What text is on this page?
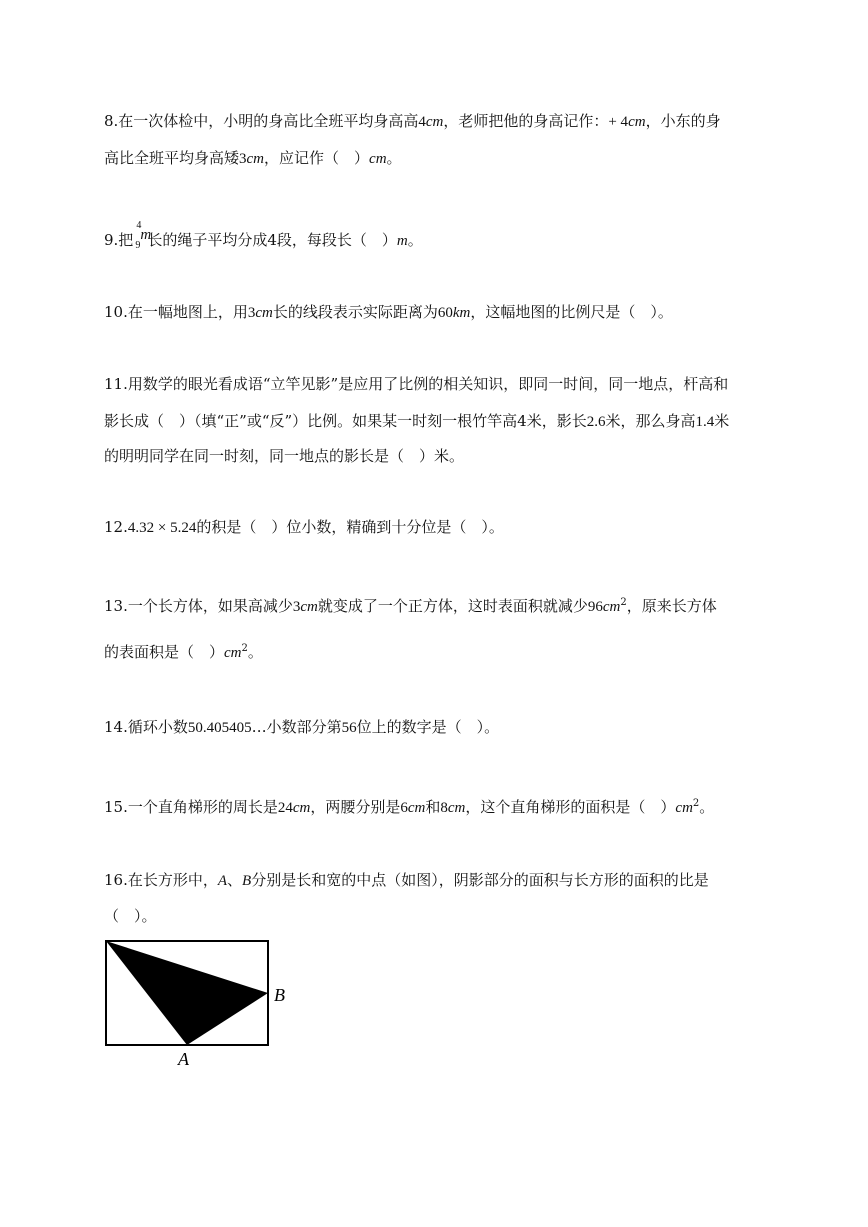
8.在一次体检中，小明的身高比全班平均身高高4cm，老师把他的身高记作：+ 4cm，小东的身
高比全班平均身高矮3cm，应记作（　）cm。
9.把
4
9
m
长的绳子平均分成4段，每段长（　）m。
10.在一幅地图上，用3cm长的线段表示实际距离为60km，这幅地图的比例尺是（　）。
11.用数学的眼光看成语“立竿见影”是应用了比例的相关知识，即同一时间，同一地点，杆高和
影长成（　）（填“正”或“反”）比例。如果某一时刻一根竹竿高4米，影长2.6米，那么身高1.4米
的明明同学在同一时刻，同一地点的影长是（　）米。
12.4.32 × 5.24的积是（　）位小数，精确到十分位是（　）。
13.一个长方体，如果高减少3cm就变成了一个正方体，这时表面积就减少$96cm^2$，原来长方体
的表面积是（　）$cm^2$。
14.循环小数50.405405…小数部分第56位上的数字是（　）。
15.一个直角梯形的周长是24cm，两腰分别是6cm和8cm，这个直角梯形的面积是（　）$cm^2$。
16.在长方形中，A、B分别是长和宽的中点（如图），阴影部分的面积与长方形的面积的比是
（　）。
B
A
